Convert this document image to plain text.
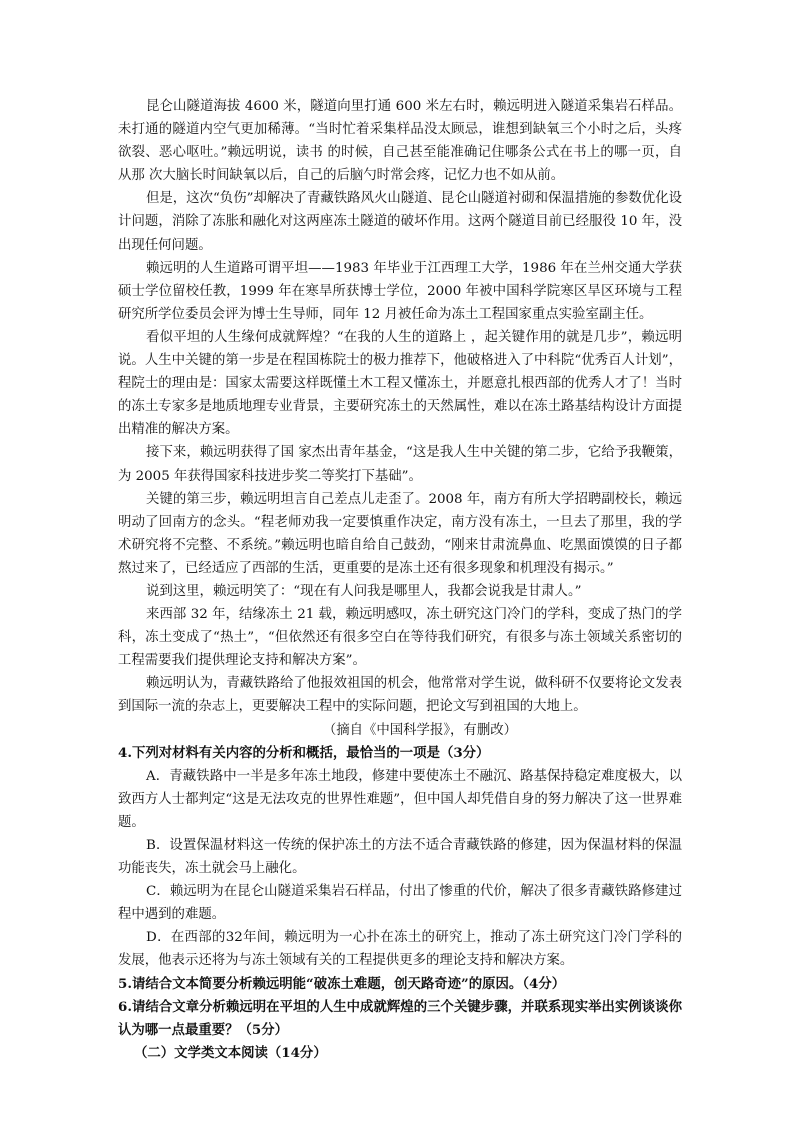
昆仑山隧道海拔 4600 米，隧道向里打通 600 米左右时，赖远明进入隧道采集岩石样品。未打通的隧道内空气更加稀薄。“当时忙着采集样品没太顾忌，谁想到缺氧三个小时之后，头疼欲裂、恶心呕吐。”赖远明说，读书 的时候，自己甚至能准确记住哪条公式在书上的哪一页，自从那 次大脑长时间缺氧以后，自己的后脑勺时常会疼，记忆力也不如从前。

但是，这次“负伤”却解决了青藏铁路风火山隧道、昆仑山隧道衬砌和保温措施的参数优化设计问题，消除了冻胀和融化对这两座冻土隧道的破坏作用。这两个隧道目前已经服役 10 年，没出现任何问题。

赖远明的人生道路可谓平坦——1983 年毕业于江西理工大学，1986 年在兰州交通大学获硕士学位留校任教，1999 年在寒旱所获博士学位，2000 年被中国科学院寒区旱区环境与工程研究所学位委员会评为博士生导师，同年 12 月被任命为冻土工程国家重点实验室副主任。

看似平坦的人生缘何成就辉煌？“在我的人生的道路上 ，起关键作用的就是几步”，赖远明说。人生中关键的第一步是在程国栋院士的极力推荐下，他破格进入了中科院“优秀百人计划”，程院士的理由是：国家太需要这样既懂土木工程又懂冻土，并愿意扎根西部的优秀人才了！当时的冻土专家多是地质地理专业背景，主要研究冻土的天然属性，难以在冻土路基结构设计方面提出精准的解决方案。

接下来，赖远明获得了国 家杰出青年基金，“这是我人生中关键的第二步，它给予我鞭策，为 2005 年获得国家科技进步奖二等奖打下基础”。

关键的第三步，赖远明坦言自己差点儿走歪了。2008 年，南方有所大学招聘副校长，赖远明动了回南方的念头。“程老师劝我一定要慎重作决定，南方没有冻土，一旦去了那里，我的学术研究将不完整、不系统。”赖远明也暗自给自己鼓劲，“刚来甘肃流鼻血、吃黑面馍馍的日子都熬过来了，已经适应了西部的生活，更重要的是冻土还有很多现象和机理没有揭示。”

说到这里，赖远明笑了：“现在有人问我是哪里人，我都会说我是甘肃人。”

来西部 32 年，结缘冻土 21 载，赖远明感叹，冻土研究这门冷门的学科，变成了热门的学科，冻土变成了“热土”，“但依然还有很多空白在等待我们研究，有很多与冻土领域关系密切的工程需要我们提供理论支持和解决方案”。

赖远明认为，青藏铁路给了他报效祖国的机会，他常常对学生说，做科研不仅要将论文发表到国际一流的杂志上，更要解决工程中的实际问题，把论文写到祖国的大地上。

（摘自《中国科学报》，有删改）

4.下列对材料有关内容的分析和概括，最恰当的一项是（3分）

A．青藏铁路中一半是多年冻土地段，修建中要使冻土不融沉、路基保持稳定难度极大，以致西方人士都判定“这是无法攻克的世界性难题”，但中国人却凭借自身的努力解决了这一世界难题。

B．设置保温材料这一传统的保护冻土的方法不适合青藏铁路的修建，因为保温材料的保温功能丧失，冻土就会马上融化。

C．赖远明为在昆仑山隧道采集岩石样品，付出了惨重的代价，解决了很多青藏铁路修建过程中遇到的难题。

D．在西部的32年间，赖远明为一心扑在冻土的研究上，推动了冻土研究这门冷门学科的发展，他表示还将为与冻土领域有关的工程提供更多的理论支持和解决方案。

5.请结合文本简要分析赖远明能“破冻土难题，创天路奇迹”的原因。（4分）

6.请结合文章分析赖远明在平坦的人生中成就辉煌的三个关键步骤，并联系现实举出实例谈谈你认为哪一点最重要？（5分）

（二）文学类文本阅读（14分）
